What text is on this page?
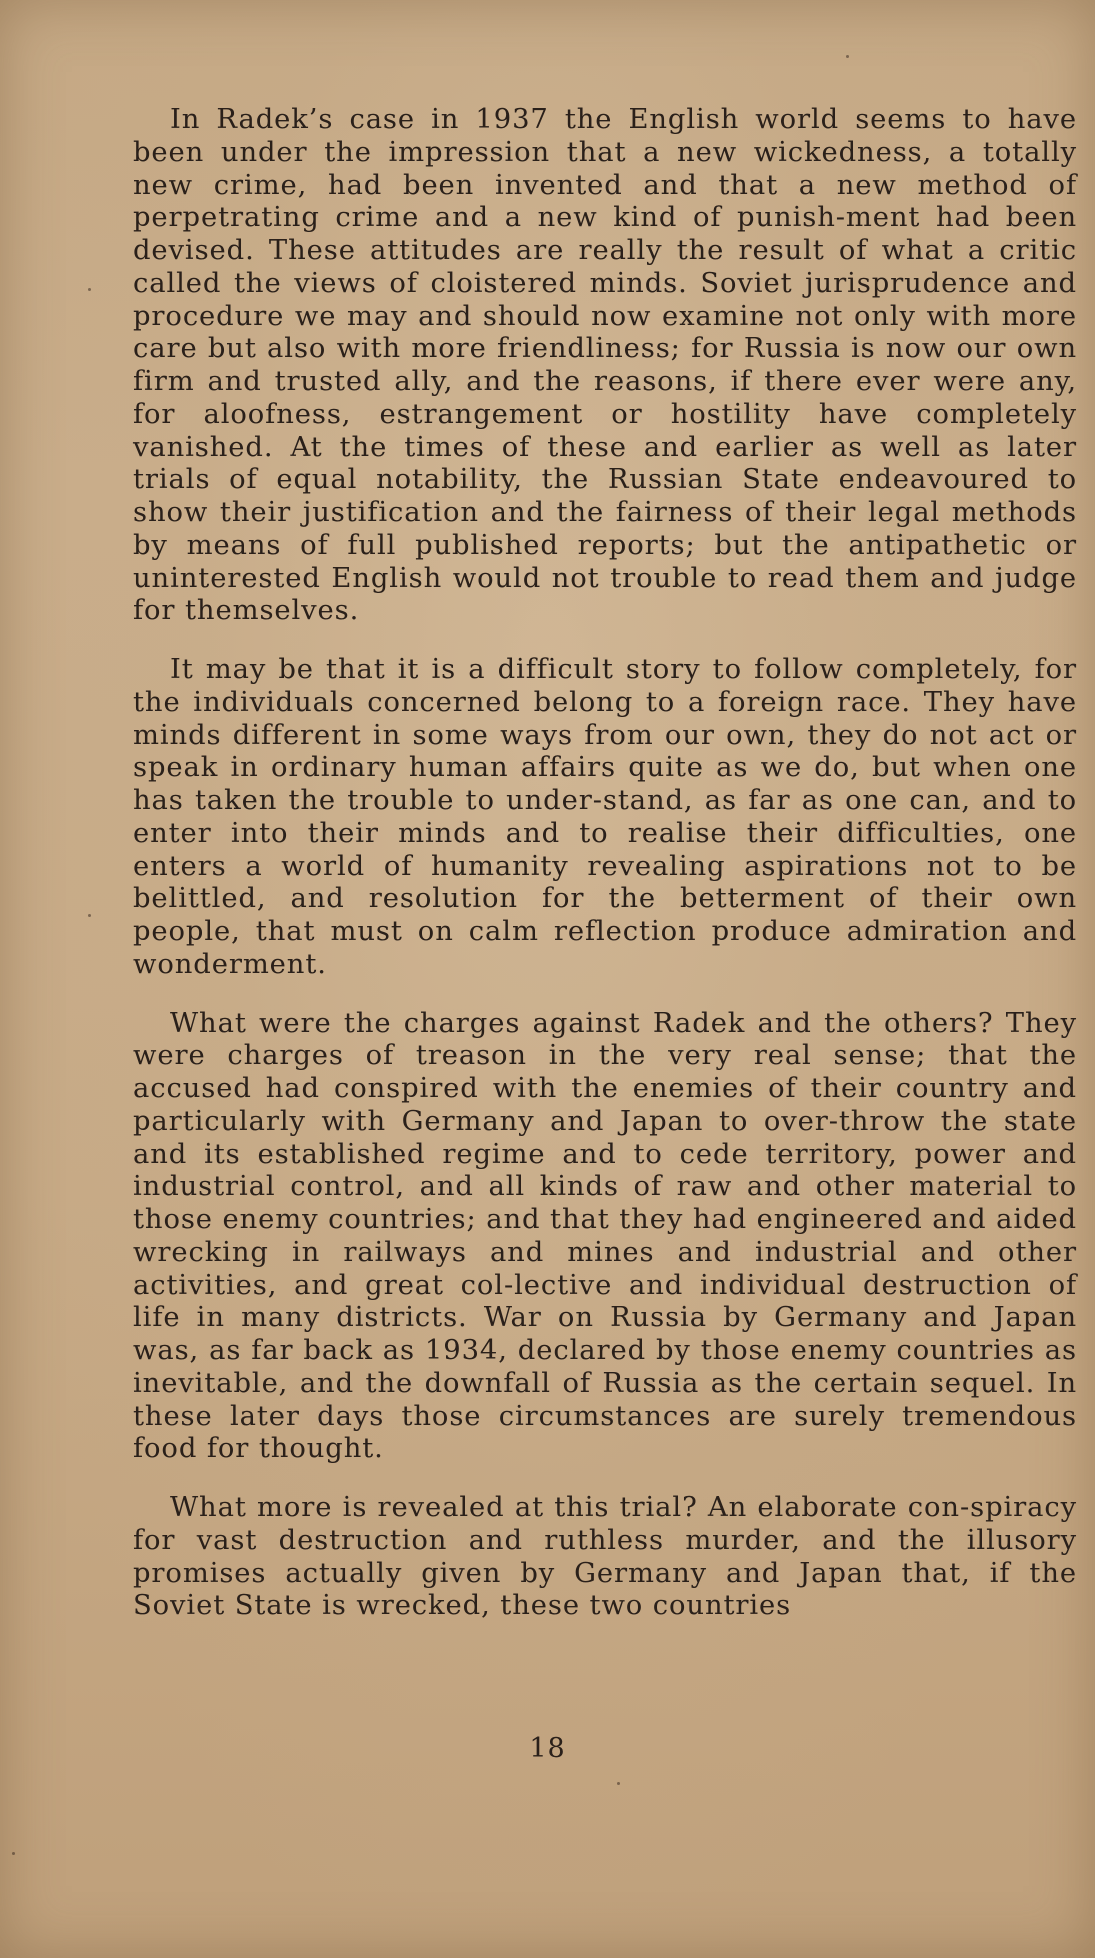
In Radek’s case in 1937 the English world seems to have been under the impression that a new wickedness, a totally new crime, had been invented and that a new method of perpetrating crime and a new kind of punish-ment had been devised. These attitudes are really the result of what a critic called the views of cloistered minds. Soviet jurisprudence and procedure we may and should now examine not only with more care but also with more friendliness; for Russia is now our own firm and trusted ally, and the reasons, if there ever were any, for aloofness, estrangement or hostility have completely vanished. At the times of these and earlier as well as later trials of equal notability, the Russian State endeavoured to show their justification and the fairness of their legal methods by means of full published reports; but the antipathetic or uninterested English would not trouble to read them and judge for themselves.

It may be that it is a difficult story to follow completely, for the individuals concerned belong to a foreign race. They have minds different in some ways from our own, they do not act or speak in ordinary human affairs quite as we do, but when one has taken the trouble to under-stand, as far as one can, and to enter into their minds and to realise their difficulties, one enters a world of humanity revealing aspirations not to be belittled, and resolution for the betterment of their own people, that must on calm reflection produce admiration and wonderment.

What were the charges against Radek and the others? They were charges of treason in the very real sense; that the accused had conspired with the enemies of their country and particularly with Germany and Japan to over-throw the state and its established regime and to cede territory, power and industrial control, and all kinds of raw and other material to those enemy countries; and that they had engineered and aided wrecking in railways and mines and industrial and other activities, and great col-lective and individual destruction of life in many districts. War on Russia by Germany and Japan was, as far back as 1934, declared by those enemy countries as inevitable, and the downfall of Russia as the certain sequel. In these later days those circumstances are surely tremendous food for thought.

What more is revealed at this trial? An elaborate con-spiracy for vast destruction and ruthless murder, and the illusory promises actually given by Germany and Japan that, if the Soviet State is wrecked, these two countries

18
